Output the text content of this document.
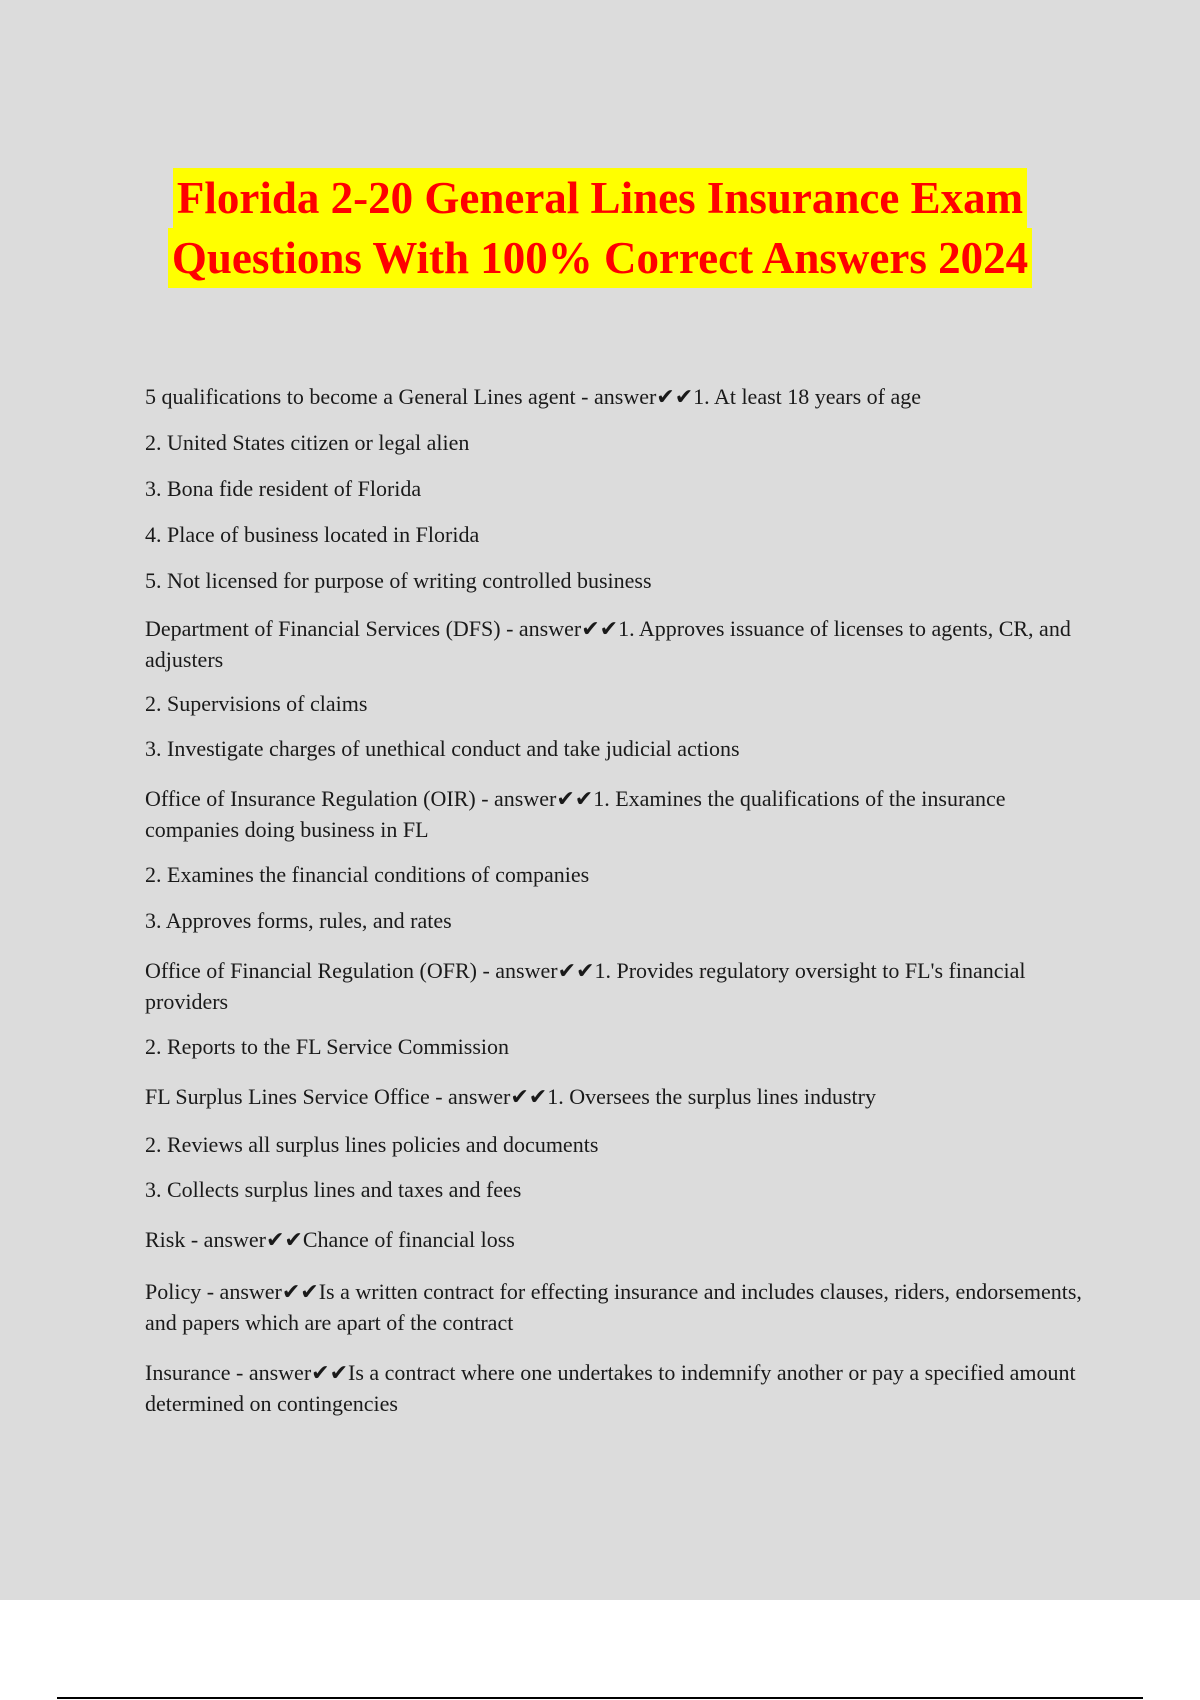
Florida 2-20 General Lines Insurance Exam
Questions With 100% Correct Answers 2024

5 qualifications to become a General Lines agent - answer✔✔1. At least 18 years of age

2. United States citizen or legal alien

3. Bona fide resident of Florida

4. Place of business located in Florida

5. Not licensed for purpose of writing controlled business

Department of Financial Services (DFS) - answer✔✔1. Approves issuance of licenses to agents, CR, and adjusters

2. Supervisions of claims

3. Investigate charges of unethical conduct and take judicial actions

Office of Insurance Regulation (OIR) - answer✔✔1. Examines the qualifications of the insurance companies doing business in FL

2. Examines the financial conditions of companies

3. Approves forms, rules, and rates

Office of Financial Regulation (OFR) - answer✔✔1. Provides regulatory oversight to FL's financial providers

2. Reports to the FL Service Commission

FL Surplus Lines Service Office - answer✔✔1. Oversees the surplus lines industry

2. Reviews all surplus lines policies and documents

3. Collects surplus lines and taxes and fees

Risk - answer✔✔Chance of financial loss

Policy - answer✔✔Is a written contract for effecting insurance and includes clauses, riders, endorsements, and papers which are apart of the contract

Insurance - answer✔✔Is a contract where one undertakes to indemnify another or pay a specified amount determined on contingencies
